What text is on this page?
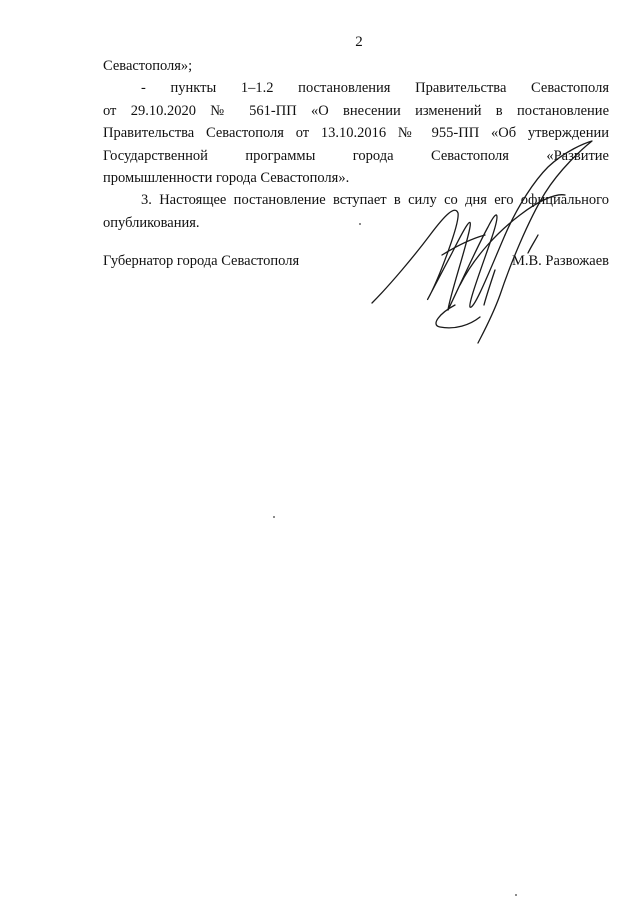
2
Севастополя»;
- пункты 1–1.2 постановления Правительства Севастополя
от 29.10.2020 № 561-ПП «О внесении изменений в постановление
Правительства Севастополя от 13.10.2016 № 955-ПП «Об утверждении
Государственной программы города Севастополя «Развитие
промышленности города Севастополя».
3. Настоящее постановление вступает в силу со дня его официального
опубликования.
Губернатор города Севастополя	М.В. Развожаев
